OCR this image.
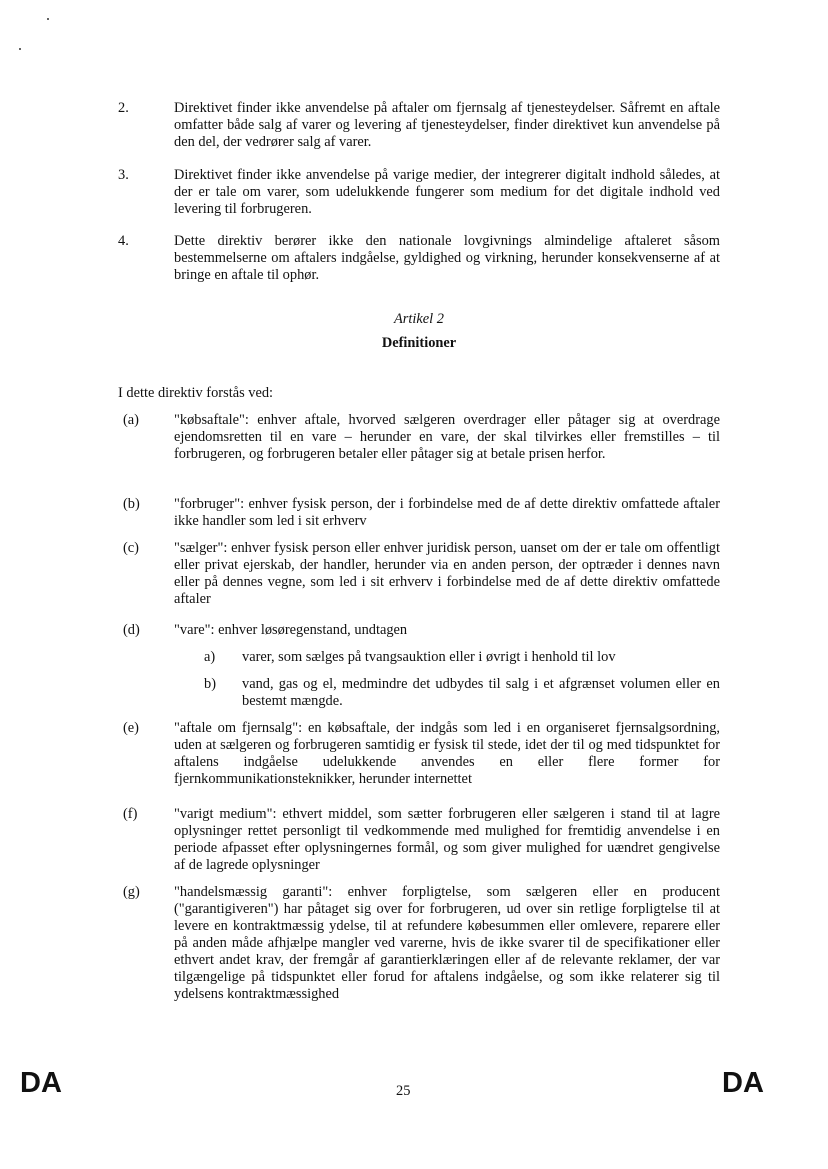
2.	Direktivet finder ikke anvendelse på aftaler om fjernsalg af tjenesteydelser. Såfremt en aftale omfatter både salg af varer og levering af tjenesteydelser, finder direktivet kun anvendelse på den del, der vedrører salg af varer.
3.	Direktivet finder ikke anvendelse på varige medier, der integrerer digitalt indhold således, at der er tale om varer, som udelukkende fungerer som medium for det digitale indhold ved levering til forbrugeren.
4.	Dette direktiv berører ikke den nationale lovgivnings almindelige aftaleret såsom bestemmelserne om aftalers indgåelse, gyldighed og virkning, herunder konsekvenserne af at bringe en aftale til ophør.
Artikel 2
Definitioner
I dette direktiv forstås ved:
(a)	"købsaftale": enhver aftale, hvorved sælgeren overdrager eller påtager sig at overdrage ejendomsretten til en vare – herunder en vare, der skal tilvirkes eller fremstilles – til forbrugeren, og forbrugeren betaler eller påtager sig at betale prisen herfor.
(b)	"forbruger": enhver fysisk person, der i forbindelse med de af dette direktiv omfattede aftaler ikke handler som led i sit erhverv
(c)	"sælger": enhver fysisk person eller enhver juridisk person, uanset om der er tale om offentligt eller privat ejerskab, der handler, herunder via en anden person, der optræder i dennes navn eller på dennes vegne, som led i sit erhverv i forbindelse med de af dette direktiv omfattede aftaler
(d)	"vare": enhver løsøregenstand, undtagen
a) varer, som sælges på tvangsauktion eller i øvrigt i henhold til lov
b) vand, gas og el, medmindre det udbydes til salg i et afgrænset volumen eller en bestemt mængde.
(e)	"aftale om fjernsalg": en købsaftale, der indgås som led i en organiseret fjernsalgsordning, uden at sælgeren og forbrugeren samtidig er fysisk til stede, idet der til og med tidspunktet for aftalens indgåelse udelukkende anvendes en eller flere former for fjernkommunikationsteknikker, herunder internettet
(f)	"varigt medium": ethvert middel, som sætter forbrugeren eller sælgeren i stand til at lagre oplysninger rettet personligt til vedkommende med mulighed for fremtidig anvendelse i en periode afpasset efter oplysningernes formål, og som giver mulighed for uændret gengivelse af de lagrede oplysninger
(g)	"handelsmæssig garanti": enhver forpligtelse, som sælgeren eller en producent ("garantigiveren") har påtaget sig over for forbrugeren, ud over sin retlige forpligtelse til at levere en kontraktmæssig ydelse, til at refundere købesummen eller omlevere, reparere eller på anden måde afhjælpe mangler ved varerne, hvis de ikke svarer til de specifikationer eller ethvert andet krav, der fremgår af garantierklæringen eller af de relevante reklamer, der var tilgængelige på tidspunktet eller forud for aftalens indgåelse, og som ikke relaterer sig til ydelsens kontraktmæssighed
DA	25	DA
